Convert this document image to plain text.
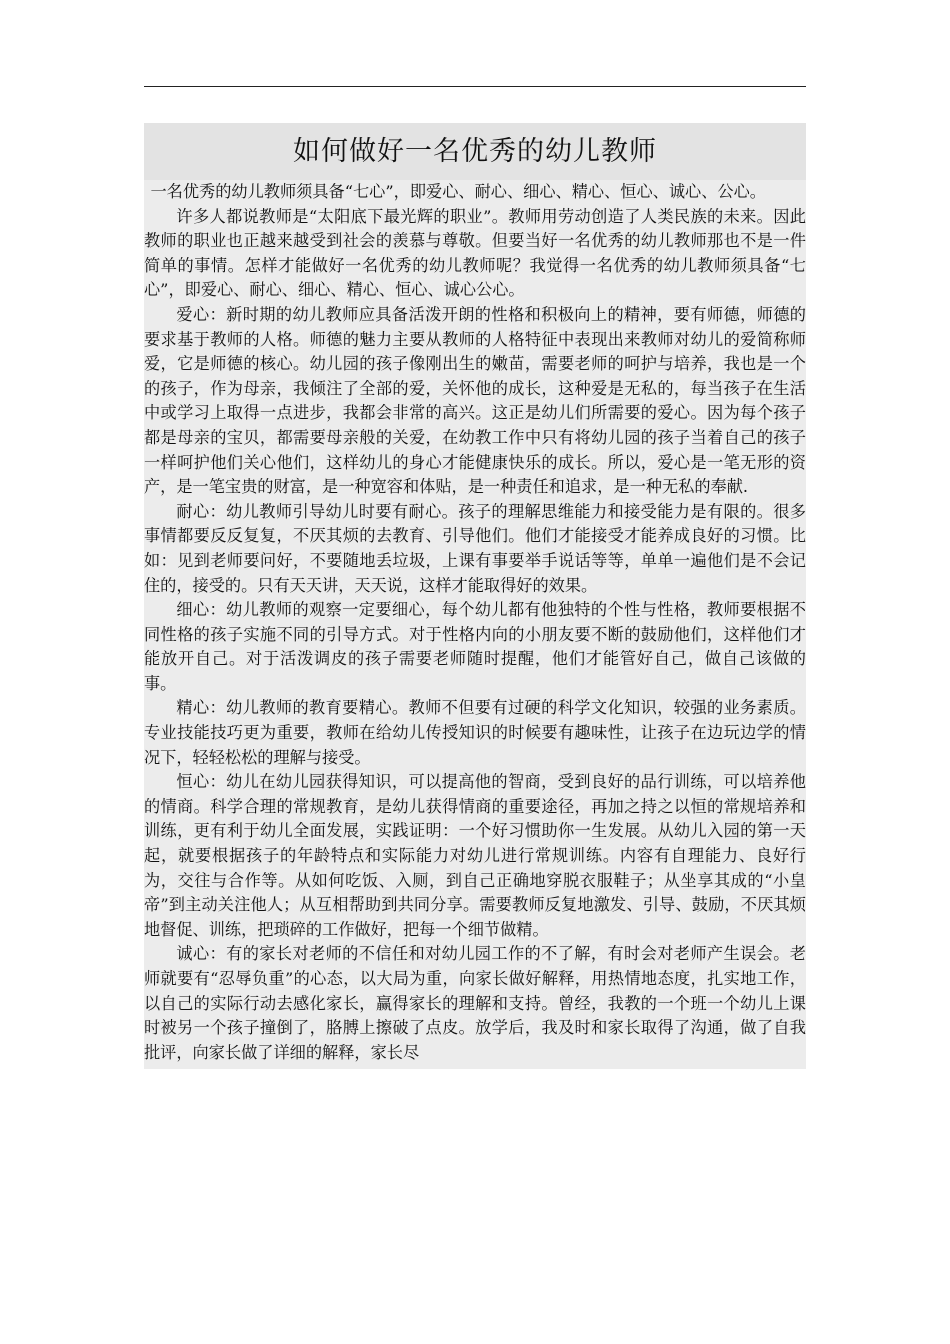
如何做好一名优秀的幼儿教师

一名优秀的幼儿教师须具备“七心”，即爱心、耐心、细心、精心、恒心、诚心、公心。

许多人都说教师是“太阳底下最光辉的职业”。教师用劳动创造了人类民族的未来。因此教师的职业也正越来越受到社会的羡慕与尊敬。但要当好一名优秀的幼儿教师那也不是一件简单的事情。怎样才能做好一名优秀的幼儿教师呢？我觉得一名优秀的幼儿教师须具备“七心”，即爱心、耐心、细心、精心、恒心、诚心公心。

爱心：新时期的幼儿教师应具备活泼开朗的性格和积极向上的精神，要有师德，师德的要求基于教师的人格。师德的魅力主要从教师的人格特征中表现出来教师对幼儿的爱简称师爱，它是师德的核心。幼儿园的孩子像刚出生的嫩苗，需要老师的呵护与培养，我也是一个的孩子，作为母亲，我倾注了全部的爱，关怀他的成长，这种爱是无私的，每当孩子在生活中或学习上取得一点进步，我都会非常的高兴。这正是幼儿们所需要的爱心。因为每个孩子都是母亲的宝贝，都需要母亲般的关爱，在幼教工作中只有将幼儿园的孩子当着自己的孩子一样呵护他们关心他们，这样幼儿的身心才能健康快乐的成长。所以，爱心是一笔无形的资产，是一笔宝贵的财富，是一种宽容和体贴，是一种责任和追求，是一种无私的奉献.

耐心：幼儿教师引导幼儿时要有耐心。孩子的理解思维能力和接受能力是有限的。很多事情都要反反复复，不厌其烦的去教育、引导他们。他们才能接受才能养成良好的习惯。比如：见到老师要问好，不要随地丢垃圾，上课有事要举手说话等等，单单一遍他们是不会记住的，接受的。只有天天讲，天天说，这样才能取得好的效果。

细心：幼儿教师的观察一定要细心，每个幼儿都有他独特的个性与性格，教师要根据不同性格的孩子实施不同的引导方式。对于性格内向的小朋友要不断的鼓励他们，这样他们才能放开自己。对于活泼调皮的孩子需要老师随时提醒，他们才能管好自己，做自己该做的事。

精心：幼儿教师的教育要精心。教师不但要有过硬的科学文化知识，较强的业务素质。专业技能技巧更为重要，教师在给幼儿传授知识的时候要有趣味性，让孩子在边玩边学的情况下，轻轻松松的理解与接受。

恒心：幼儿在幼儿园获得知识，可以提高他的智商，受到良好的品行训练，可以培养他的情商。科学合理的常规教育，是幼儿获得情商的重要途径，再加之持之以恒的常规培养和训练，更有利于幼儿全面发展，实践证明：一个好习惯助你一生发展。从幼儿入园的第一天起，就要根据孩子的年龄特点和实际能力对幼儿进行常规训练。内容有自理能力、良好行为，交往与合作等。从如何吃饭、入厕，到自己正确地穿脱衣服鞋子；从坐享其成的“小皇帝”到主动关注他人；从互相帮助到共同分享。需要教师反复地激发、引导、鼓励，不厌其烦地督促、训练，把琐碎的工作做好，把每一个细节做精。

诚心：有的家长对老师的不信任和对幼儿园工作的不了解，有时会对老师产生误会。老师就要有“忍辱负重”的心态，以大局为重，向家长做好解释，用热情地态度，扎实地工作，以自己的实际行动去感化家长，赢得家长的理解和支持。曾经，我教的一个班一个幼儿上课时被另一个孩子撞倒了，胳膊上擦破了点皮。放学后，我及时和家长取得了沟通，做了自我批评，向家长做了详细的解释，家长尽
